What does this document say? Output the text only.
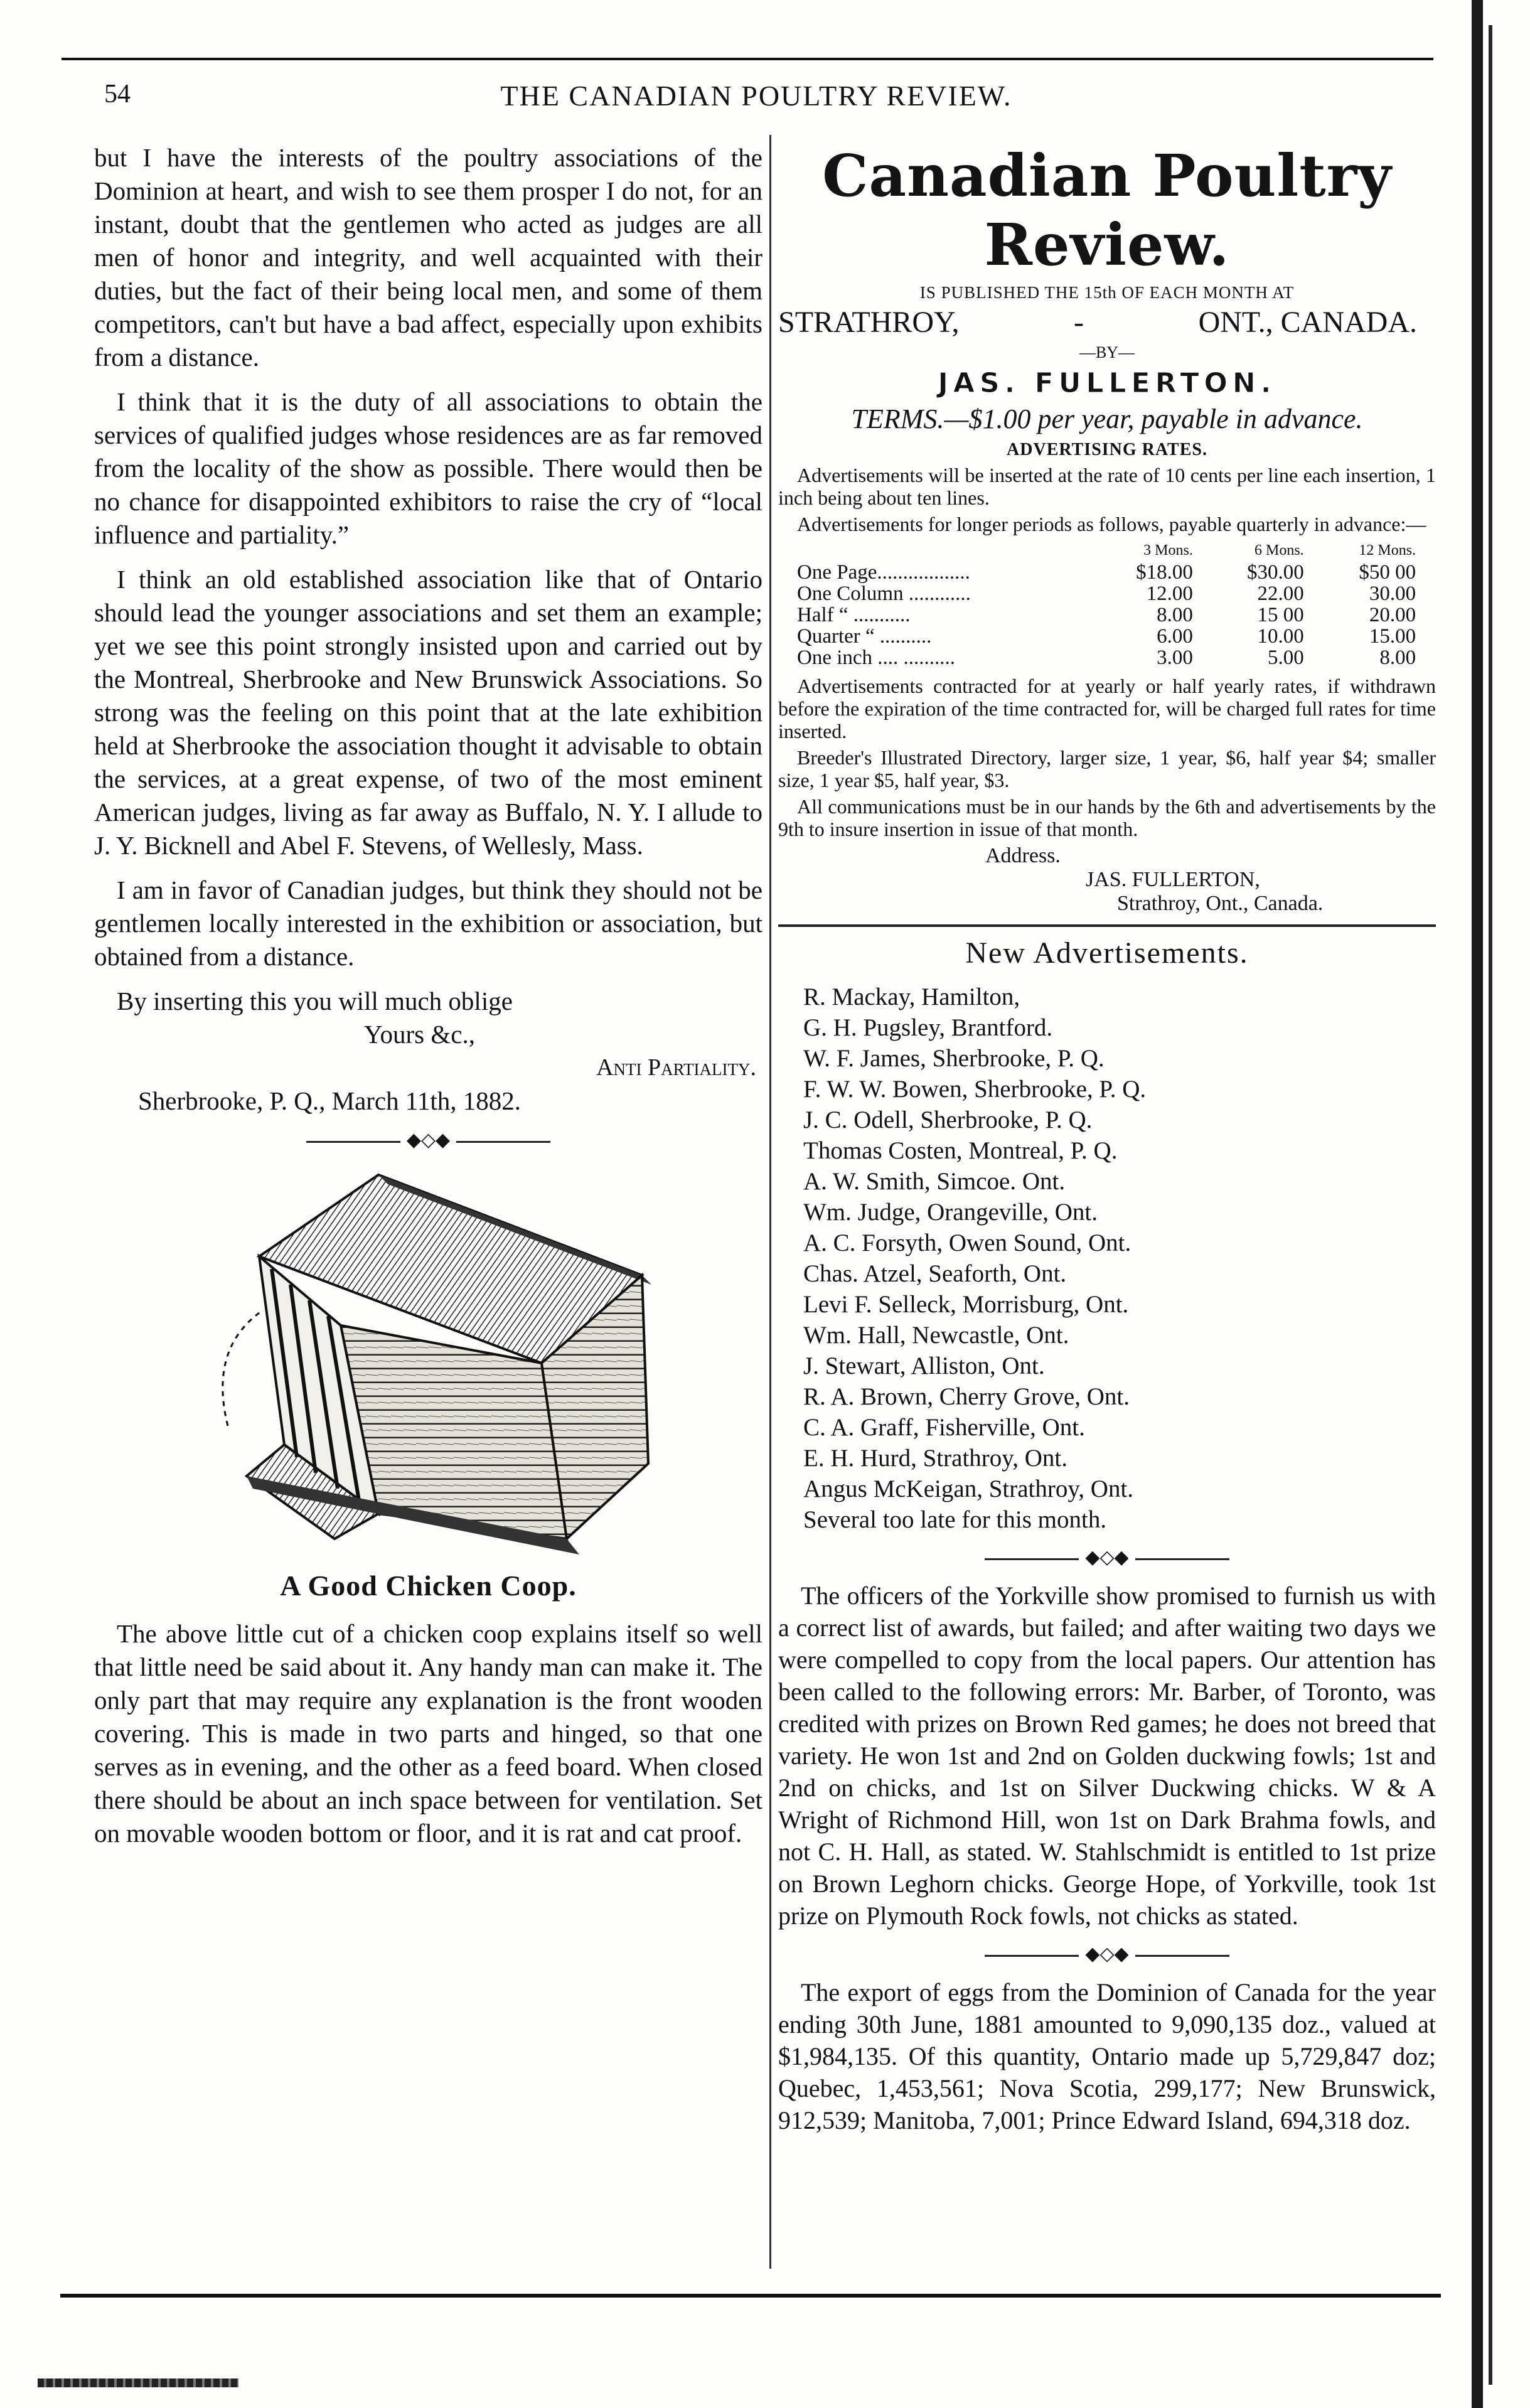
54	THE CANADIAN POULTRY REVIEW.

but I have the interests of the poultry associations of the Dominion at heart, and wish to see them prosper I do not, for an instant, doubt that the gentlemen who acted as judges are all men of honor and integrity, and well acquainted with their duties, but the fact of their being local men, and some of them competitors, can't but have a bad affect, especially upon exhibits from a distance.

I think that it is the duty of all associations to obtain the services of qualified judges whose residences are as far removed from the locality of the show as possible. There would then be no chance for disappointed exhibitors to raise the cry of “local influence and partiality.”

I think an old established association like that of Ontario should lead the younger associations and set them an example; yet we see this point strongly insisted upon and carried out by the Montreal, Sherbrooke and New Brunswick Associations. So strong was the feeling on this point that at the late exhibition held at Sherbrooke the association thought it advisable to obtain the services, at a great expense, of two of the most eminent American judges, living as far away as Buffalo, N. Y. I allude to J. Y. Bicknell and Abel F. Stevens, of Wellesly, Mass.

I am in favor of Canadian judges, but think they should not be gentlemen locally interested in the exhibition or association, but obtained from a distance.

By inserting this you will much oblige
Yours &c.,
Anti Partiality.
Sherbrooke, P. Q., March 11th, 1882.
◆◇◆
A Good Chicken Coop.

The above little cut of a chicken coop explains itself so well that little need be said about it. Any handy man can make it. The only part that may require any explanation is the front wooden covering. This is made in two parts and hinged, so that one serves as in evening, and the other as a feed board. When closed there should be about an inch space between for ventilation. Set on movable wooden bottom or floor, and it is rat and cat proof.

Canadian Poultry Review.
IS PUBLISHED THE 15th OF EACH MONTH AT
STRATHROY,	-	ONT., CANADA.
—BY—
JAS. FULLERTON.
TERMS.—$1.00 per year, payable in advance.
ADVERTISING RATES.
Advertisements will be inserted at the rate of 10 cents per line each insertion, 1 inch being about ten lines.
Advertisements for longer periods as follows, payable quarterly in advance:—
	3 Mons.	6 Mons.	12 Mons.
One Page..................	$18.00	$30.00	$50 00
One Column ............	12.00	22.00	30.00
Half “ ...........	8.00	15 00	20.00
Quarter “ ..........	6.00	10.00	15.00
One inch .... ..........	3.00	5.00	8.00
Advertisements contracted for at yearly or half yearly rates, if withdrawn before the expiration of the time contracted for, will be charged full rates for time inserted.
Breeder's Illustrated Directory, larger size, 1 year, $6, half year $4; smaller size, 1 year $5, half year, $3.
All communications must be in our hands by the 6th and advertisements by the 9th to insure insertion in issue of that month.
Address.
JAS. FULLERTON,
Strathroy, Ont., Canada.
New Advertisements.
R. Mackay, Hamilton,
G. H. Pugsley, Brantford.
W. F. James, Sherbrooke, P. Q.
F. W. W. Bowen, Sherbrooke, P. Q.
J. C. Odell, Sherbrooke, P. Q.
Thomas Costen, Montreal, P. Q.
A. W. Smith, Simcoe. Ont.
Wm. Judge, Orangeville, Ont.
A. C. Forsyth, Owen Sound, Ont.
Chas. Atzel, Seaforth, Ont.
Levi F. Selleck, Morrisburg, Ont.
Wm. Hall, Newcastle, Ont.
J. Stewart, Alliston, Ont.
R. A. Brown, Cherry Grove, Ont.
C. A. Graff, Fisherville, Ont.
E. H. Hurd, Strathroy, Ont.
Angus McKeigan, Strathroy, Ont.
Several too late for this month.
◆◇◆

The officers of the Yorkville show promised to furnish us with a correct list of awards, but failed; and after waiting two days we were compelled to copy from the local papers. Our attention has been called to the following errors: Mr. Barber, of Toronto, was credited with prizes on Brown Red games; he does not breed that variety. He won 1st and 2nd on Golden duckwing fowls; 1st and 2nd on chicks, and 1st on Silver Duckwing chicks. W & A Wright of Richmond Hill, won 1st on Dark Brahma fowls, and not C. H. Hall, as stated. W. Stahlschmidt is entitled to 1st prize on Brown Leghorn chicks. George Hope, of Yorkville, took 1st prize on Plymouth Rock fowls, not chicks as stated.

◆◇◆

The export of eggs from the Dominion of Canada for the year ending 30th June, 1881 amounted to 9,090,135 doz., valued at $1,984,135. Of this quantity, Ontario made up 5,729,847 doz; Quebec, 1,453,561; Nova Scotia, 299,177; New Brunswick, 912,539; Manitoba, 7,001; Prince Edward Island, 694,318 doz.
